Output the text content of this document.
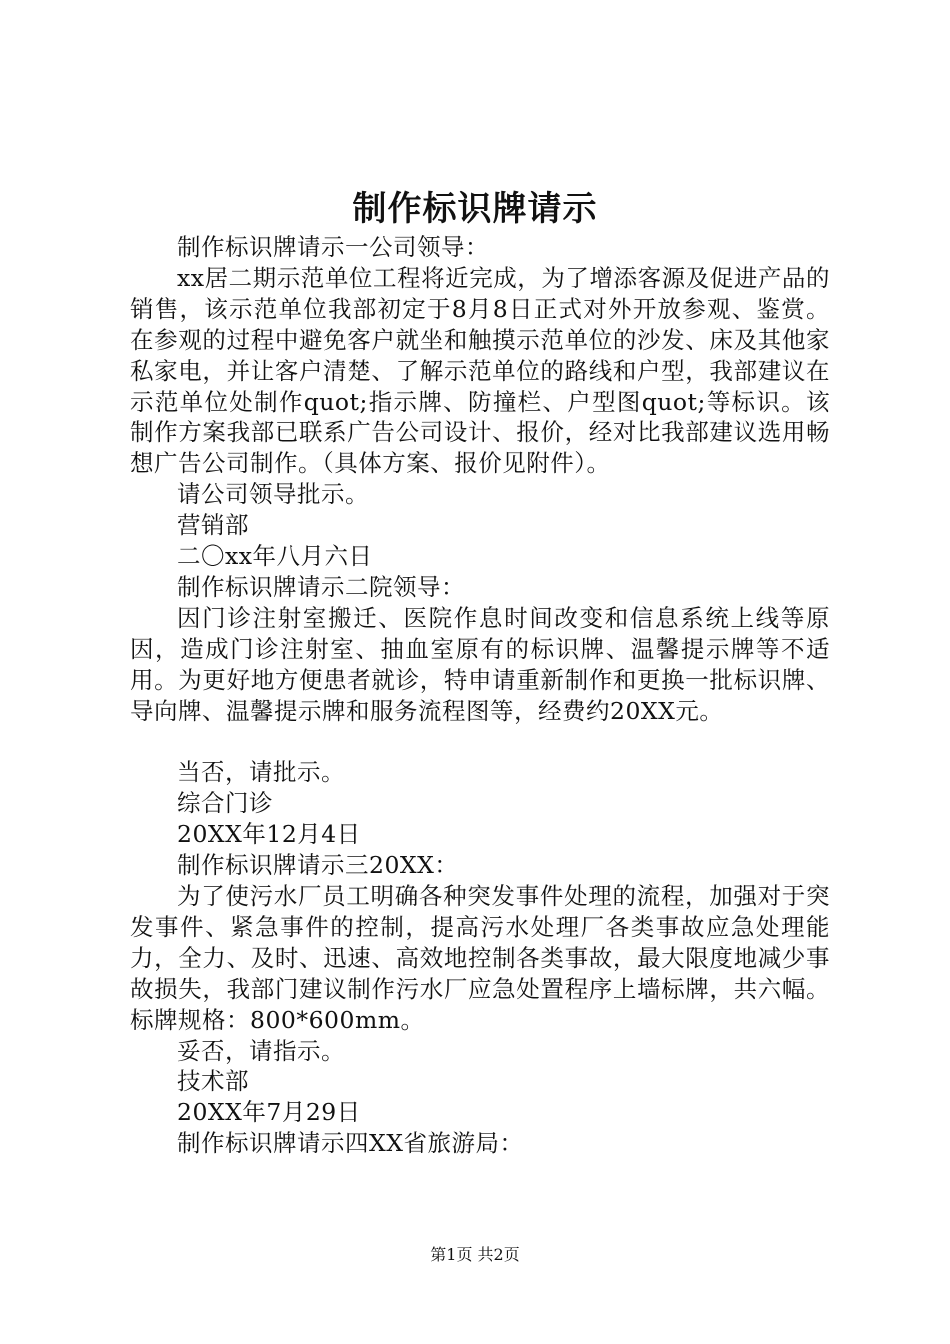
制作标识牌请示

制作标识牌请示一公司领导：

xx居二期示范单位工程将近完成，为了增添客源及促进产品的销售，该示范单位我部初定于8月8日正式对外开放参观、鉴赏。在参观的过程中避免客户就坐和触摸示范单位的沙发、床及其他家私家电，并让客户清楚、了解示范单位的路线和户型，我部建议在示范单位处制作quot;指示牌、防撞栏、户型图quot;等标识。该制作方案我部已联系广告公司设计、报价，经对比我部建议选用畅想广告公司制作。（具体方案、报价见附件）。

请公司领导批示。

营销部

二〇xx年八月六日

制作标识牌请示二院领导：

因门诊注射室搬迁、医院作息时间改变和信息系统上线等原因，造成门诊注射室、抽血室原有的标识牌、温馨提示牌等不适用。为更好地方便患者就诊，特申请重新制作和更换一批标识牌、导向牌、温馨提示牌和服务流程图等，经费约20XX元。

当否，请批示。

综合门诊

20XX年12月4日

制作标识牌请示三20XX：

为了使污水厂员工明确各种突发事件处理的流程，加强对于突发事件、紧急事件的控制，提高污水处理厂各类事故应急处理能力，全力、及时、迅速、高效地控制各类事故，最大限度地减少事故损失，我部门建议制作污水厂应急处置程序上墙标牌，共六幅。标牌规格：800*600mm。

妥否，请指示。

技术部

20XX年7月29日

制作标识牌请示四XX省旅游局：

第1页 共2页
